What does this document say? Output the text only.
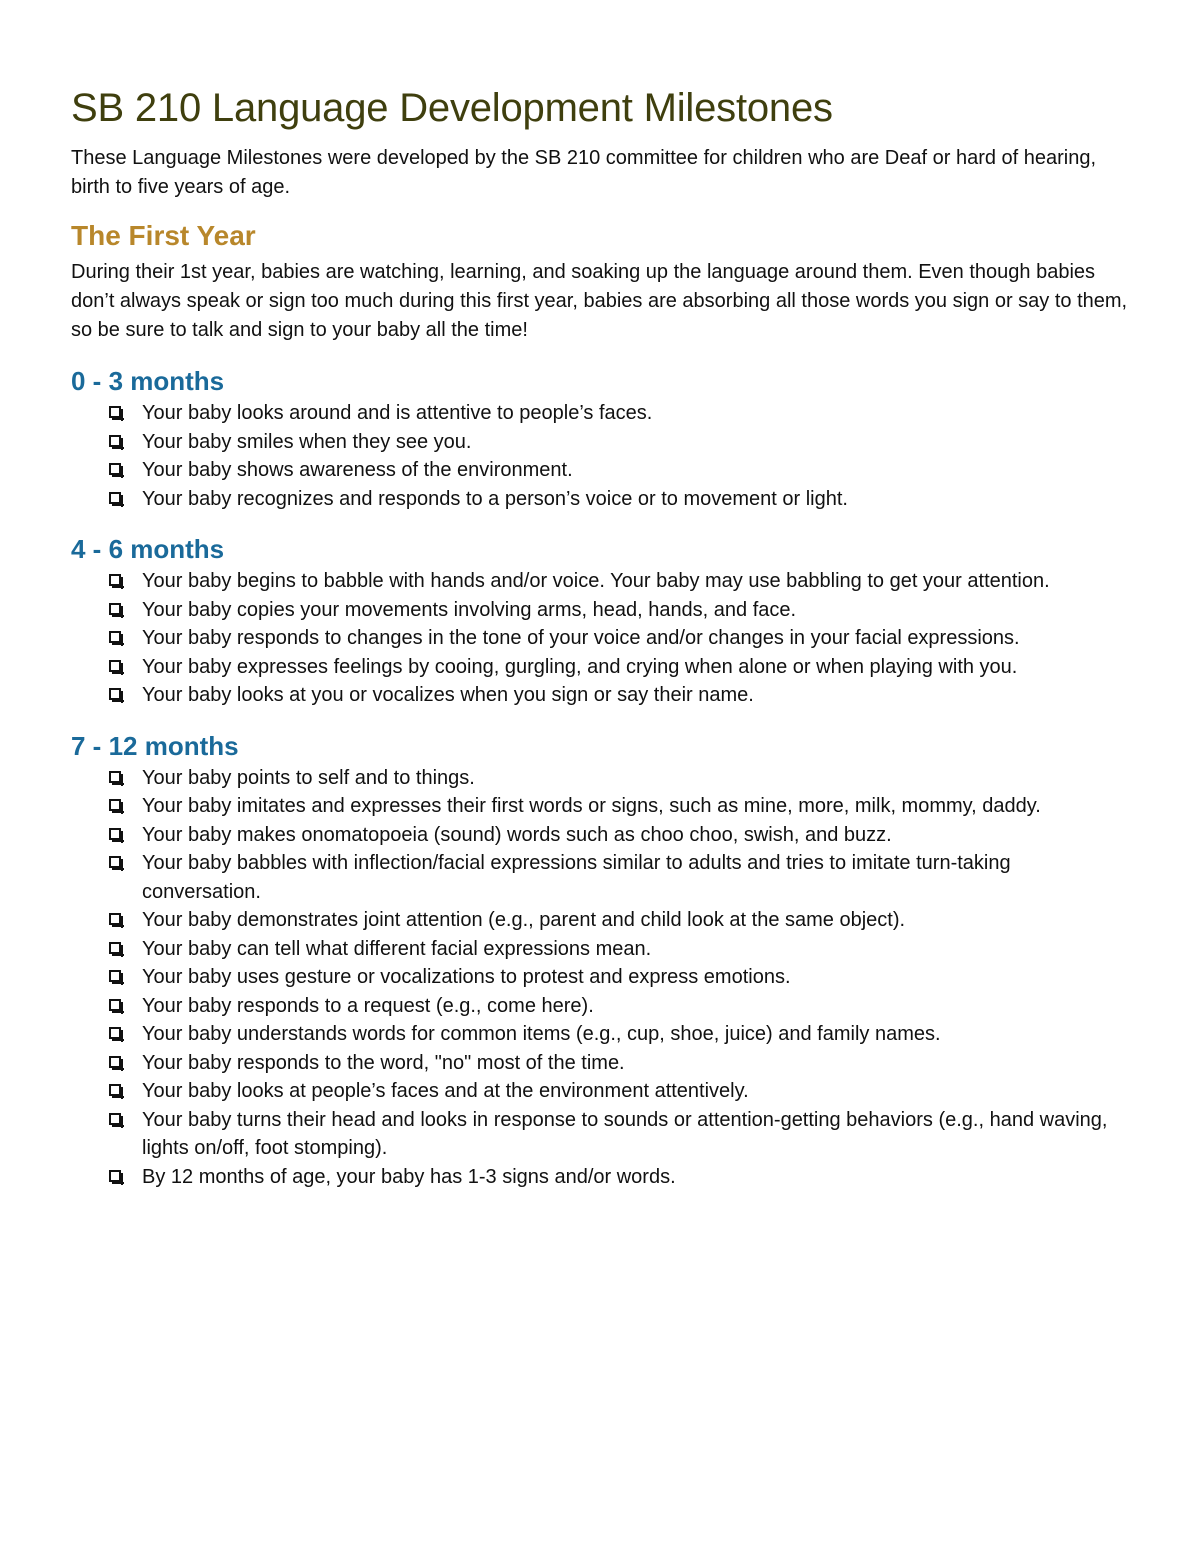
SB 210 Language Development Milestones

These Language Milestones were developed by the SB 210 committee for children who are Deaf or hard of hearing, birth to five years of age.

The First Year

During their 1st year, babies are watching, learning, and soaking up the language around them. Even though babies don’t always speak or sign too much during this first year, babies are absorbing all those words you sign or say to them, so be sure to talk and sign to your baby all the time!

0 - 3 months
Your baby looks around and is attentive to people’s faces.
Your baby smiles when they see you.
Your baby shows awareness of the environment.
Your baby recognizes and responds to a person’s voice or to movement or light.
4 - 6 months
Your baby begins to babble with hands and/or voice. Your baby may use babbling to get your attention.
Your baby copies your movements involving arms, head, hands, and face.
Your baby responds to changes in the tone of your voice and/or changes in your facial expressions.
Your baby expresses feelings by cooing, gurgling, and crying when alone or when playing with you.
Your baby looks at you or vocalizes when you sign or say their name.
7 - 12 months
Your baby points to self and to things.
Your baby imitates and expresses their first words or signs, such as mine, more, milk, mommy, daddy.
Your baby makes onomatopoeia (sound) words such as choo choo, swish, and buzz.
Your baby babbles with inflection/facial expressions similar to adults and tries to imitate turn-taking conversation.
Your baby demonstrates joint attention (e.g., parent and child look at the same object).
Your baby can tell what different facial expressions mean.
Your baby uses gesture or vocalizations to protest and express emotions.
Your baby responds to a request (e.g., come here).
Your baby understands words for common items (e.g., cup, shoe, juice) and family names.
Your baby responds to the word, "no" most of the time.
Your baby looks at people’s faces and at the environment attentively.
Your baby turns their head and looks in response to sounds or attention-getting behaviors (e.g., hand waving, lights on/off, foot stomping).
By 12 months of age, your baby has 1-3 signs and/or words.
